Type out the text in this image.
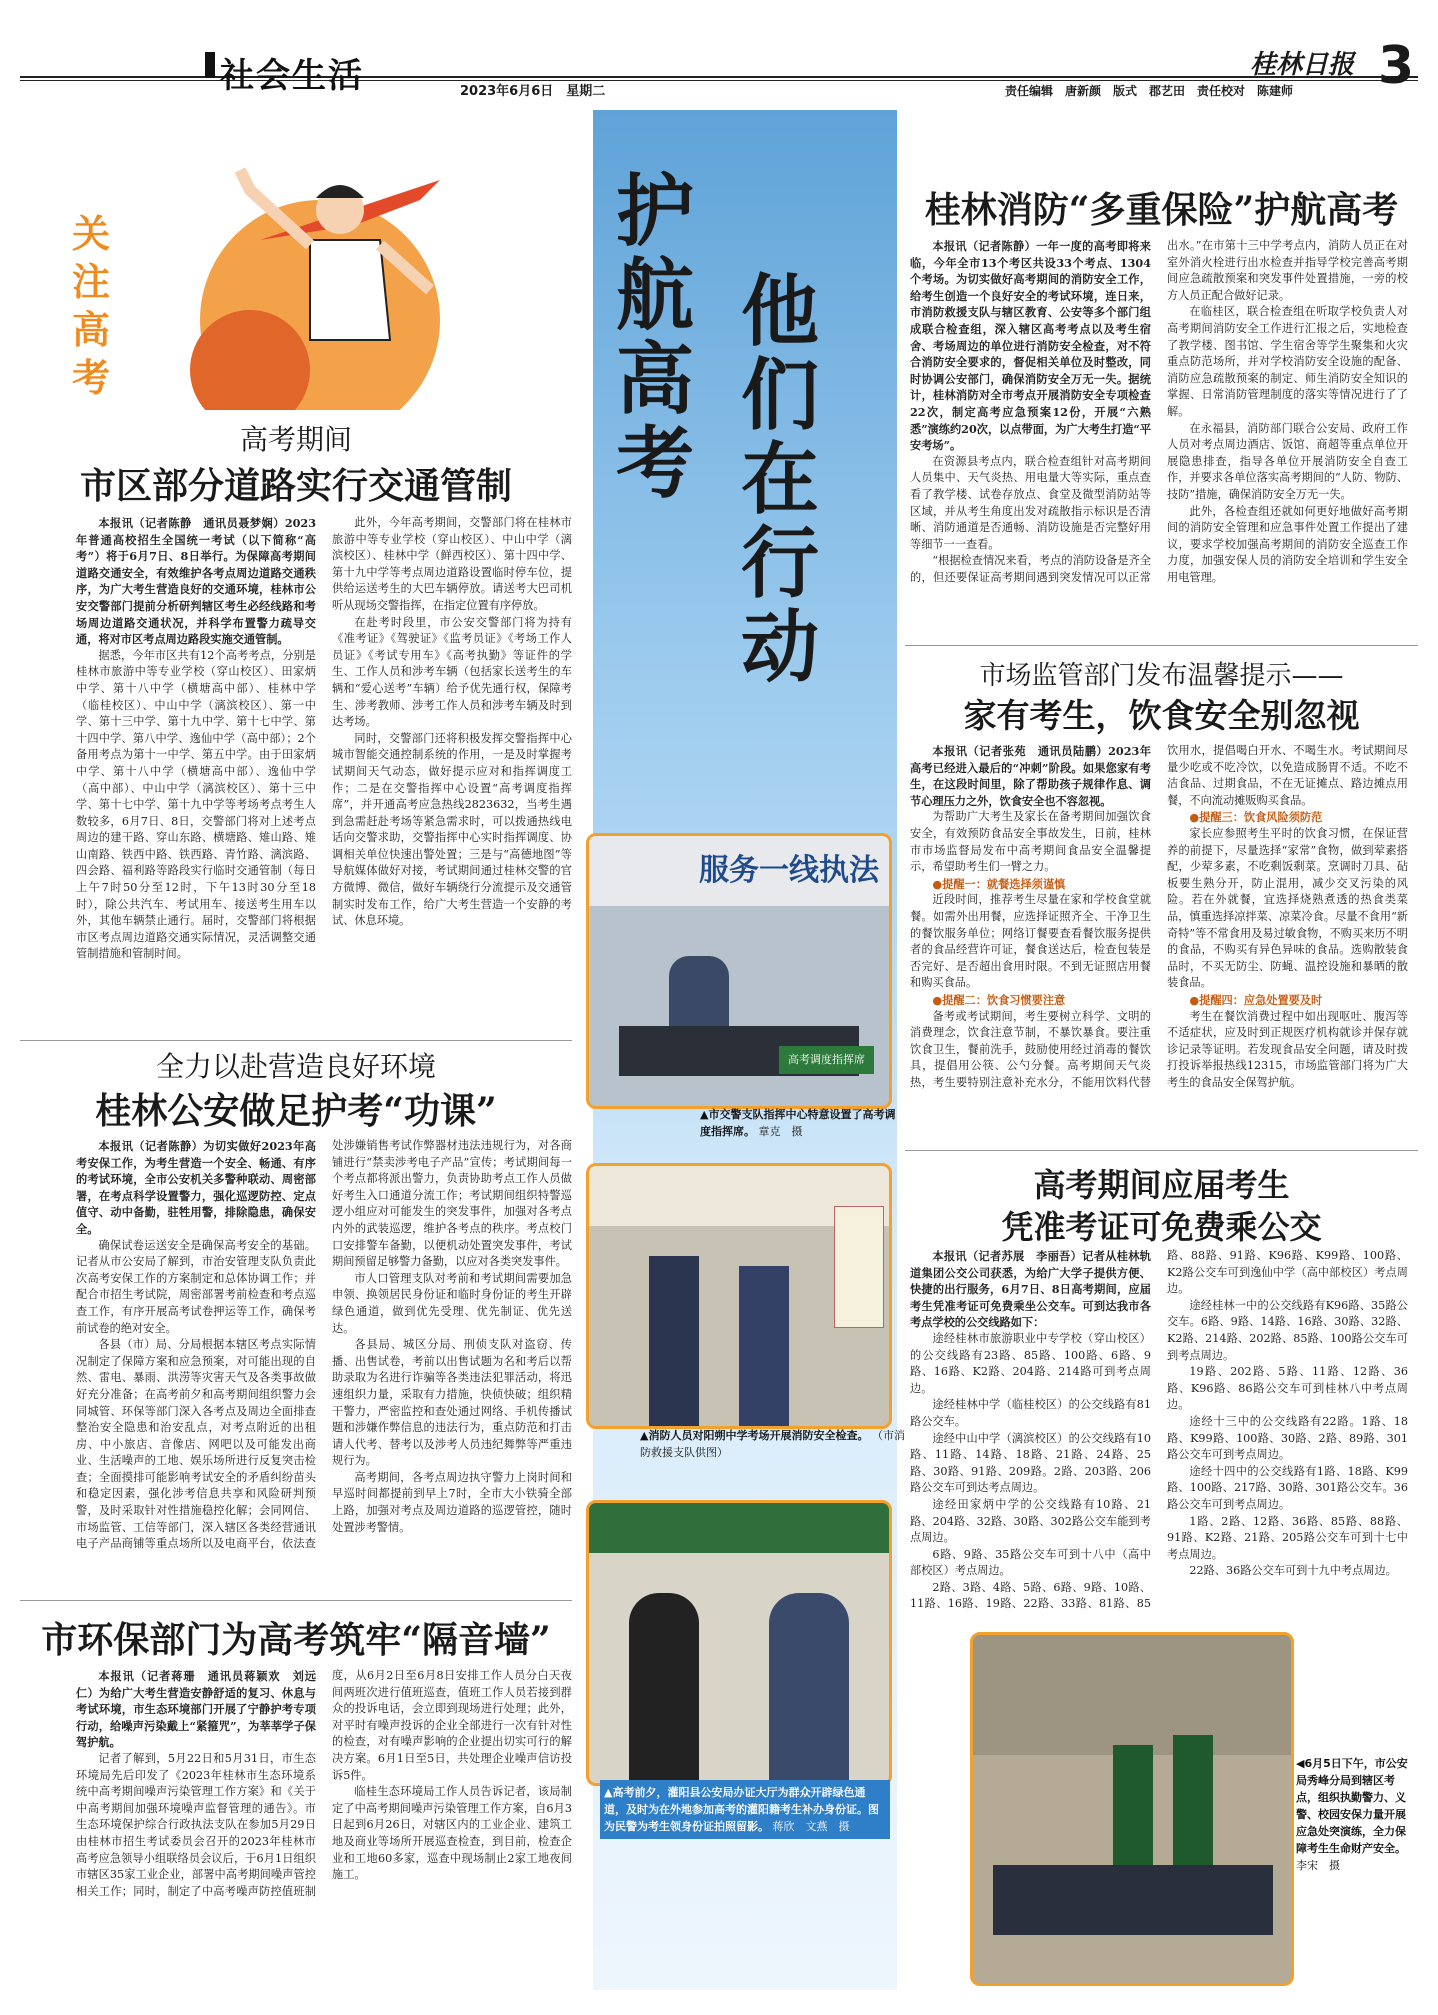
社会生活	2023年6月6日　星期二
桂林日报 3
责任编辑　唐新颜　版式　郡艺田　责任校对　陈建师
关注高考
高考期间
市区部分道路实行交通管制

本报讯（记者陈静　通讯员聂梦娴）2023年普通高校招生全国统一考试（以下简称“高考”）将于6月7日、8日举行。为保障高考期间道路交通安全，有效维护各考点周边道路交通秩序，为广大考生营造良好的交通环境，桂林市公安交警部门提前分析研判辖区考生必经线路和考场周边道路交通状况，并科学布置警力疏导交通，将对市区考点周边路段实施交通管制。

据悉，今年市区共有12个高考考点，分别是桂林市旅游中等专业学校（穿山校区）、田家炳中学、第十八中学（横塘高中部）、桂林中学（临桂校区）、中山中学（漓滨校区）、第一中学、第十三中学、第十九中学、第十七中学、第十四中学、第八中学、逸仙中学（高中部）；2个备用考点为第十一中学、第五中学。由于田家炳中学、第十八中学（横塘高中部）、逸仙中学（高中部）、中山中学（漓滨校区）、第十三中学、第十七中学、第十九中学等考场考点考生人数较多，6月7日、8日，交警部门将对上述考点周边的建干路、穿山东路、横塘路、雉山路、雉山南路、铁西中路、铁西路、青竹路、漓滨路、四会路、福利路等路段实行临时交通管制（每日上午7时50分至12时，下午13时30分至18时），除公共汽车、考试用车、接送考生用车以外，其他车辆禁止通行。届时，交警部门将根据市区考点周边道路交通实际情况，灵活调整交通管制措施和管制时间。

此外，今年高考期间，交警部门将在桂林市旅游中等专业学校（穿山校区）、中山中学（漓滨校区）、桂林中学（鲜西校区）、第十四中学、第十九中学等考点周边道路设置临时停车位，提供给运送考生的大巴车辆停放。请送考大巴司机听从现场交警指挥，在指定位置有序停放。

在赴考时段里，市公安交警部门将为持有《准考证》《驾驶证》《监考员证》《考场工作人员证》《考试专用车》《高考执勤》等证件的学生、工作人员和涉考车辆（包括家长送考生的车辆和“爱心送考”车辆）给予优先通行权，保障考生、涉考教师、涉考工作人员和涉考车辆及时到达考场。

同时，交警部门还将积极发挥交警指挥中心城市智能交通控制系统的作用，一是及时掌握考试期间天气动态，做好提示应对和指挥调度工作；二是在交警指挥中心设置“高考调度指挥席”，并开通高考应急热线2823632，当考生遇到急需赶赴考场等紧急需求时，可以拨通热线电话向交警求助，交警指挥中心实时指挥调度、协调相关单位快速出警处置；三是与“高德地图”等导航媒体做好对接，考试期间通过桂林交警的官方微博、微信，做好车辆绕行分流提示及交通管制实时发布工作，给广大考生营造一个安静的考试、休息环境。

全力以赴营造良好环境
桂林公安做足护考“功课”

本报讯（记者陈静）为切实做好2023年高考安保工作，为考生营造一个安全、畅通、有序的考试环境，全市公安机关多警种联动、周密部署，在考点科学设置警力，强化巡逻防控、定点值守、动中备勤，驻牲用警，排除隐患，确保安全。

确保试卷运送安全是确保高考安全的基础。记者从市公安局了解到，市治安管理支队负责此次高考安保工作的方案制定和总体协调工作；并配合市招生考试院，周密部署考前检查和考点巡查工作，有序开展高考试卷押运等工作，确保考前试卷的绝对安全。

各县（市）局、分局根据本辖区考点实际情况制定了保障方案和应急预案，对可能出现的自然、雷电、暴雨、洪涝等灾害天气及各类事故做好充分准备；在高考前夕和高考期间组织警力会同城管、环保等部门深入各考点及周边全面排查整治安全隐患和治安乱点，对考点附近的出租房、中小旅店、音像店、网吧以及可能发出商业、生活噪声的工地、娱乐场所进行反复突击检查；全面摸排可能影响考试安全的矛盾纠纷苗头和稳定因素，强化涉考信息共享和风险研判预警，及时采取针对性措施稳控化解；会同网信、市场监管、工信等部门，深入辖区各类经营通讯电子产品商铺等重点场所以及电商平台，依法查处涉嫌销售考试作弊器材违法违规行为，对各商铺进行“禁卖涉考电子产品”宣传；考试期间每一个考点都将派出警力，负责协助考点工作人员做好考生入口通道分流工作；考试期间组织特警巡逻小组应对可能发生的突发事件，加强对各考点内外的武装巡逻，维护各考点的秩序。考点校门口安排警车备勤，以便机动处置突发事件，考试期间预留足够警力备勤，以应对各类突发事件。

市人口管理支队对考前和考试期间需要加急申领、换领居民身份证和临时身份证的考生开辟绿色通道，做到优先受理、优先制证、优先送达。

各县局、城区分局、刑侦支队对盗窃、传播、出售试卷，考前以出售试题为名和考后以帮助录取为名进行诈骗等各类违法犯罪活动，将迅速组织力量，采取有力措施，快侦快破；组织精干警力，严密监控和查处通过网络、手机传播试题和涉嫌作弊信息的违法行为，重点防范和打击请人代考、替考以及涉考人员违纪舞弊等严重违规行为。

高考期间，各考点周边执守警力上岗时间和早巡时间都提前到早上7时，全市大小铁骑全部上路，加强对考点及周边道路的巡逻管控，随时处置涉考警情。

市环保部门为高考筑牢“隔音墙”

本报讯（记者蒋珊　通讯员蒋颖欢　刘远仁）为给广大考生营造安静舒适的复习、休息与考试环境，市生态环境部门开展了宁静护考专项行动，给噪声污染戴上“紧箍咒”，为莘莘学子保驾护航。

记者了解到，5月22日和5月31日，市生态环境局先后印发了《2023年桂林市生态环境系统中高考期间噪声污染管理工作方案》和《关于中高考期间加强环境噪声监督管理的通告》。市生态环境保护综合行政执法支队在参加5月29日由桂林市招生考试委员会召开的2023年桂林市高考应急领导小组联络员会议后，于6月1日组织市辖区35家工业企业，部署中高考期间噪声管控相关工作；同时，制定了中高考噪声防控值班制度，从6月2日至6月8日安排工作人员分白天夜间两班次进行值班巡查，值班工作人员若接到群众的投诉电话，会立即到现场进行处理；此外，对平时有噪声投诉的企业全部进行一次有针对性的检查，对有噪声影响的企业提出切实可行的解决方案。6月1日至5日，共处理企业噪声信访投诉5件。

临桂生态环境局工作人员告诉记者，该局制定了中高考期间噪声污染管理工作方案，自6月3日起到6月26日，对辖区内的工业企业、建筑工地及商业等场所开展巡查检查，到目前，检查企业和工地60多家，巡查中现场制止2家工地夜间施工。

护航高考
他们在行动
服务一线执法
高考调度指挥席
▲市交警支队指挥中心特意设置了高考调度指挥席。 章克　摄
▲消防人员对阳朔中学考场开展消防安全检查。 （市消防救援支队供图）
▲高考前夕，灌阳县公安局办证大厅为群众开辟绿色通道，及时为在外地参加高考的灌阳籍考生补办身份证。图为民警为考生领身份证拍照留影。 蒋欣　文燕　摄
桂林消防“多重保险”护航高考

本报讯（记者陈静）一年一度的高考即将来临，今年全市13个考区共设33个考点、1304个考场。为切实做好高考期间的消防安全工作，给考生创造一个良好安全的考试环境，连日来，市消防救援支队与辖区教育、公安等多个部门组成联合检查组，深入辖区高考考点以及考生宿舍、考场周边的单位进行消防安全检查，对不符合消防安全要求的，督促相关单位及时整改，同时协调公安部门，确保消防安全万无一失。据统计，桂林消防对全市考点开展消防安全专项检查22次，制定高考应急预案12份，开展“六熟悉”演练约20次，以点带面，为广大考生打造“平安考场”。

在资源县考点内，联合检查组针对高考期间人员集中、天气炎热、用电量大等实际，重点查看了教学楼、试卷存放点、食堂及微型消防站等区域，并从考生角度出发对疏散指示标识是否清晰、消防通道是否通畅、消防设施是否完整好用等细节一一查看。

“根据检查情况来看，考点的消防设备是齐全的，但还要保证高考期间遇到突发情况可以正常出水。”在市第十三中学考点内，消防人员正在对室外消火栓进行出水检查并指导学校完善高考期间应急疏散预案和突发事件处置措施，一旁的校方人员正配合做好记录。

在临桂区，联合检查组在听取学校负责人对高考期间消防安全工作进行汇报之后，实地检查了教学楼、图书馆、学生宿舍等学生聚集和火灾重点防范场所，并对学校消防安全设施的配备、消防应急疏散预案的制定、师生消防安全知识的掌握、日常消防管理制度的落实等情况进行了了解。

在永福县，消防部门联合公安局、政府工作人员对考点周边酒店、饭馆、商超等重点单位开展隐患排查，指导各单位开展消防安全自查工作，并要求各单位落实高考期间的“人防、物防、技防”措施，确保消防安全万无一失。

此外，各检查组还就如何更好地做好高考期间的消防安全管理和应急事件处置工作提出了建议，要求学校加强高考期间的消防安全巡查工作力度，加强安保人员的消防安全培训和学生安全用电管理。

市场监管部门发布温馨提示——
家有考生，饮食安全别忽视

本报讯（记者张苑　通讯员陆鹏）2023年高考已经进入最后的“冲刺”阶段。如果您家有考生，在这段时间里，除了帮助孩子规律作息、调节心理压力之外，饮食安全也不容忽视。

为帮助广大考生及家长在备考期间加强饮食安全，有效预防食品安全事故发生，日前，桂林市市场监督局发布中高考期间食品安全温馨提示，希望助考生们一臂之力。

●提醒一：就餐选择须谨慎

近段时间，推荐考生尽量在家和学校食堂就餐。如需外出用餐，应选择证照齐全、干净卫生的餐饮服务单位；网络订餐要查看餐饮服务提供者的食品经营许可证，餐食送达后，检查包装是否完好、是否超出食用时限。不到无证照店用餐和购买食品。

●提醒二：饮食习惯要注意

备考或考试期间，考生要树立科学、文明的消费理念，饮食注意节制，不暴饮暴食。要注重饮食卫生，餐前洗手，鼓励使用经过消毒的餐饮具，提倡用公筷、公勺分餐。高考期间天气炎热，考生要特别注意补充水分，不能用饮料代替饮用水，提倡喝白开水、不喝生水。考试期间尽量少吃或不吃冷饮，以免造成肠胃不适。不吃不洁食品、过期食品，不在无证摊点、路边摊点用餐，不向流动摊贩购买食品。

●提醒三：饮食风险须防范

家长应参照考生平时的饮食习惯，在保证营养的前提下，尽量选择“家常”食物，做到荤素搭配，少荤多素，不吃剩饭剩菜。烹调时刀具、砧板要生熟分开，防止混用，减少交叉污染的风险。若在外就餐，宜选择烧熟煮透的热食类菜品，慎重选择凉拌菜、凉菜冷食。尽量不食用“新奇特”等不常食用及易过敏食物，不购买来历不明的食品，不购买有异色异味的食品。选购散装食品时，不买无防尘、防蝇、温控设施和暴晒的散装食品。

●提醒四：应急处置要及时

考生在餐饮消费过程中如出现呕吐、腹泻等不适症状，应及时到正规医疗机构就诊并保存就诊记录等证明。若发现食品安全问题，请及时拨打投诉举报热线12315，市场监管部门将为广大考生的食品安全保驾护航。

高考期间应届考生
凭准考证可免费乘公交

本报讯（记者苏展　李丽吾）记者从桂林轨道集团公交公司获悉，为给广大学子提供方便、快捷的出行服务，6月7日、8日高考期间，应届考生凭准考证可免费乘坐公交车。可到达我市各考点学校的公交线路如下：

途经桂林市旅游职业中专学校（穿山校区）的公交线路有23路、85路、100路、6路、9路、16路、K2路、204路、214路可到考点周边。

途经桂林中学（临桂校区）的公交线路有81路公交车。

途经中山中学（漓滨校区）的公交线路有10路、11路、14路、18路、21路、24路、25路、30路、91路、209路。2路、203路、206路公交车可到达考点周边。

途经田家炳中学的公交线路有10路、21路、204路、32路、30路、302路公交车能到考点周边。

6路、9路、35路公交车可到十八中（高中部校区）考点周边。

2路、3路、4路、5路、6路、9路、10路、11路、16路、19路、22路、33路、81路、85路、88路、91路、K96路、K99路、100路、K2路公交车可到逸仙中学（高中部校区）考点周边。

途经桂林一中的公交线路有K96路、35路公交车。6路、9路、14路、16路、30路、32路、K2路、214路、202路、85路、100路公交车可到考点周边。

19路、202路、5路、11路、12路、36路、K96路、86路公交车可到桂林八中考点周边。

途经十三中的公交线路有22路。1路、18路、K99路、100路、30路、2路、89路、301路公交车可到考点周边。

途经十四中的公交线路有1路、18路、K99路、100路、217路、30路、301路公交车。36路公交车可到考点周边。

1路、2路、12路、36路、85路、88路、91路、K2路、21路、205路公交车可到十七中考点周边。

22路、36路公交车可到十九中考点周边。

◀6月5日下午，市公安局秀峰分局到辖区考点，组织执勤警力、义警、校园安保力量开展应急处突演练，全力保障考生生命财产安全。 李宋　摄
